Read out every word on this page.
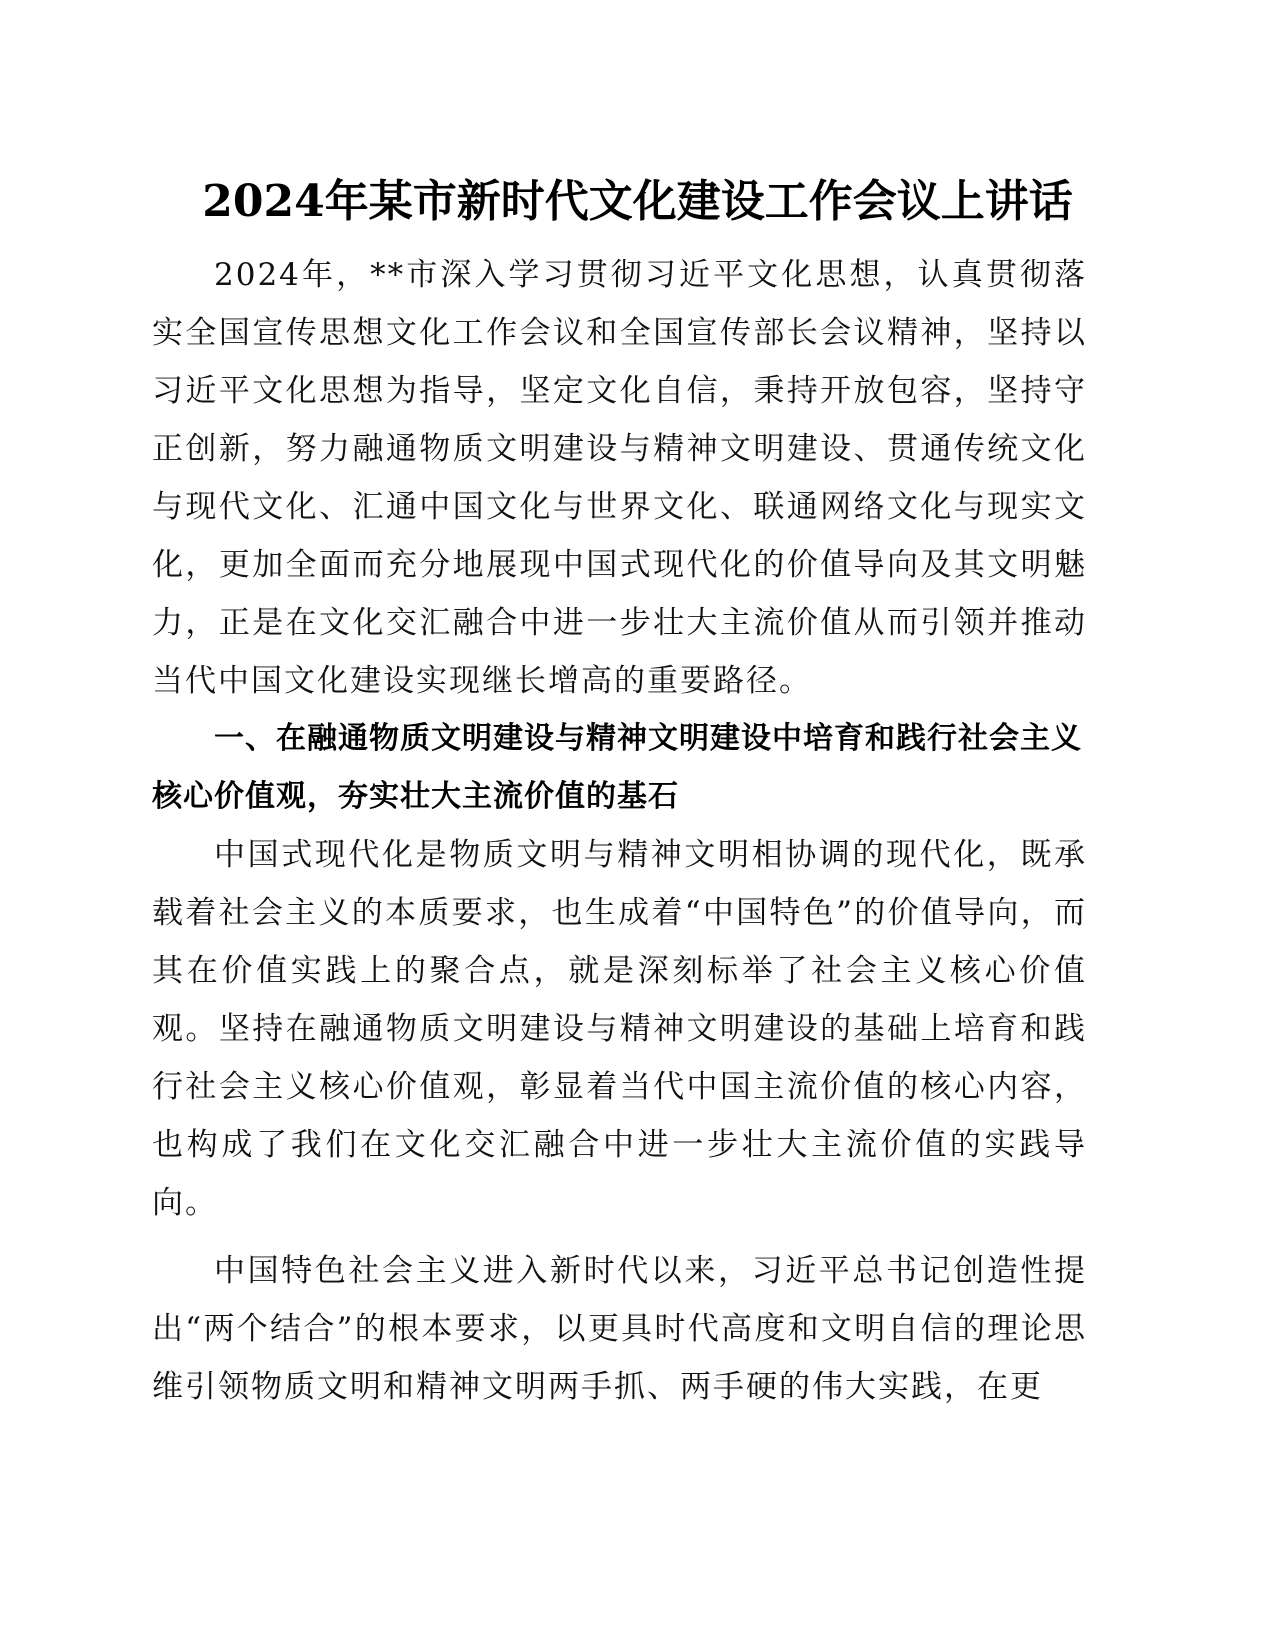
2024年某市新时代文化建设工作会议上讲话

2024年，**市深入学习贯彻习近平文化思想，认真贯彻落实全国宣传思想文化工作会议和全国宣传部长会议精神，坚持以习近平文化思想为指导，坚定文化自信，秉持开放包容，坚持守正创新，努力融通物质文明建设与精神文明建设、贯通传统文化与现代文化、汇通中国文化与世界文化、联通网络文化与现实文化，更加全面而充分地展现中国式现代化的价值导向及其文明魅力，正是在文化交汇融合中进一步壮大主流价值从而引领并推动当代中国文化建设实现继长增高的重要路径。

一、在融通物质文明建设与精神文明建设中培育和践行社会主义核心价值观，夯实壮大主流价值的基石

中国式现代化是物质文明与精神文明相协调的现代化，既承载着社会主义的本质要求，也生成着“中国特色”的价值导向，而其在价值实践上的聚合点，就是深刻标举了社会主义核心价值观。坚持在融通物质文明建设与精神文明建设的基础上培育和践行社会主义核心价值观，彰显着当代中国主流价值的核心内容，也构成了我们在文化交汇融合中进一步壮大主流价值的实践导向。

中国特色社会主义进入新时代以来，习近平总书记创造性提出“两个结合”的根本要求，以更具时代高度和文明自信的理论思维引领物质文明和精神文明两手抓、两手硬的伟大实践，在更
